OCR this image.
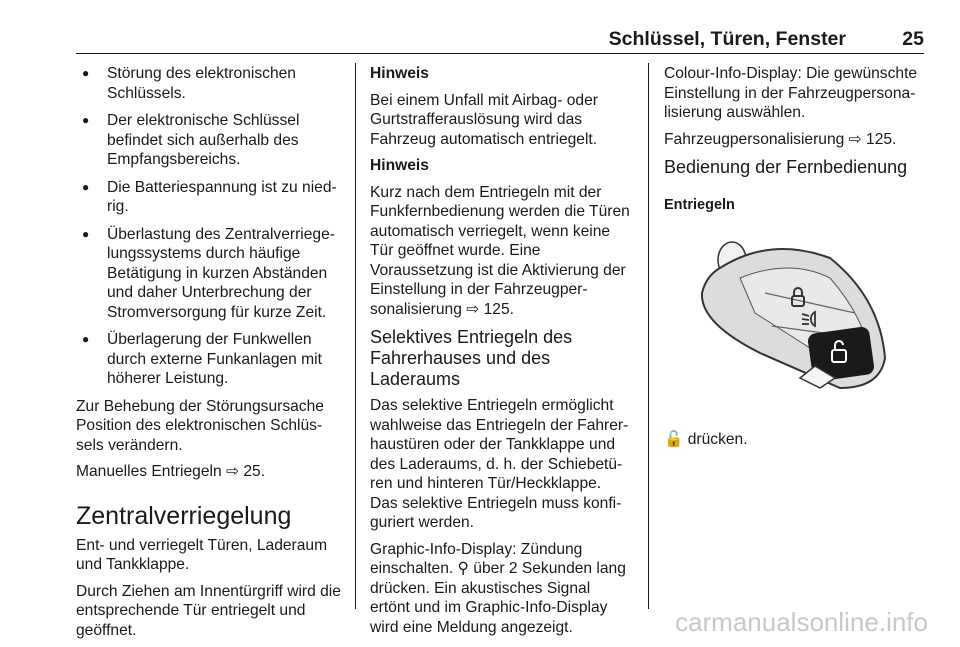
Schlüssel, Türen, Fenster	25
● Störung des elektronischen Schlüssels.
● Der elektronische Schlüssel befindet sich außerhalb des Empfangsbereichs.
● Die Batteriespannung ist zu nied‐rig.
● Überlastung des Zentralverriege‐lungssystems durch häufige Betätigung in kurzen Abständen und daher Unterbrechung der Stromversorgung für kurze Zeit.
● Überlagerung der Funkwellen durch externe Funkanlagen mit höherer Leistung.

Zur Behebung der Störungsursache Position des elektronischen Schlüs‐sels verändern.

Manuelles Entriegeln ⇨ 25.

Zentralverriegelung

Ent- und verriegelt Türen, Laderaum und Tankklappe.

Durch Ziehen am Innentürgriff wird die entsprechende Tür entriegelt und geöffnet.

Hinweis

Bei einem Unfall mit Airbag- oder Gurtstrafferauslösung wird das Fahrzeug automatisch entriegelt.

Hinweis

Kurz nach dem Entriegeln mit der Funkfernbedienung werden die Türen automatisch verriegelt, wenn keine Tür geöffnet wurde. Eine Voraussetzung ist die Aktivierung der Einstellung in der Fahrzeugper‐sonalisierung ⇨ 125.

Selektives Entriegeln des Fahrerhauses und des Laderaums

Das selektive Entriegeln ermöglicht wahlweise das Entriegeln der Fahrer‐haustüren oder der Tankklappe und des Laderaums, d. h. der Schiebetü‐ren und hinteren Tür/Heckklappe. Das selektive Entriegeln muss konfi‐guriert werden.

Graphic-Info-Display: Zündung einschalten. ⚲ über 2 Sekunden lang drücken. Ein akustisches Signal ertönt und im Graphic-Info-Display wird eine Meldung angezeigt.

Colour-Info-Display: Die gewünschte Einstellung in der Fahrzeugpersona‐lisierung auswählen.

Fahrzeugpersonalisierung ⇨ 125.

Bedienung der Fernbedienung
Entriegeln

🔓 drücken.

carmanualsonline.info
